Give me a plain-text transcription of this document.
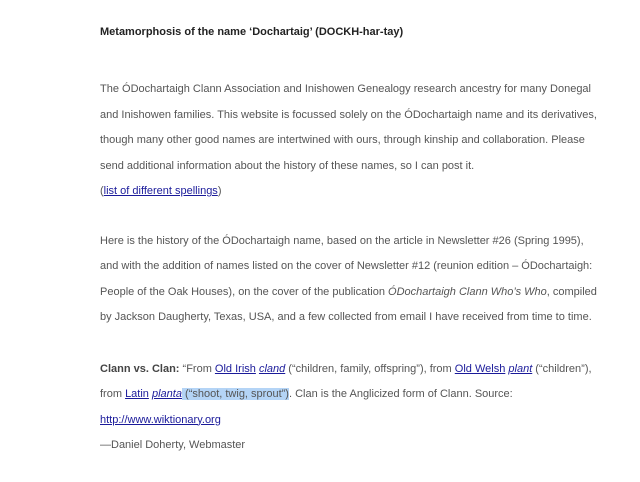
Metamorphosis of the name ‘Dochartaig’ (DOCKH-har-tay)

The ÓDochartaigh Clann Association and Inishowen Genealogy research ancestry for many Donegal and Inishowen families. This website is focussed solely on the ÓDochartaigh name and its derivatives, though many other good names are intertwined with ours, through kinship and collaboration. Please send additional information about the history of these names, so I can post it.
(list of different spellings)

Here is the history of the ÓDochartaigh name, based on the article in Newsletter #26 (Spring 1995), and with the addition of names listed on the cover of Newsletter #12 (reunion edition – ÓDochartaigh: People of the Oak Houses), on the cover of the publication ÓDochartaigh Clann Who’s Who, compiled by Jackson Daugherty, Texas, USA, and a few collected from email I have received from time to time.

Clann vs. Clan: “From Old Irish cland (“children, family, offspring”), from Old Welsh plant (“children”), from Latin planta (“shoot, twig, sprout”). Clan is the Anglicized form of Clann. Source:
http://www.wiktionary.org

—Daniel Doherty, Webmaster
